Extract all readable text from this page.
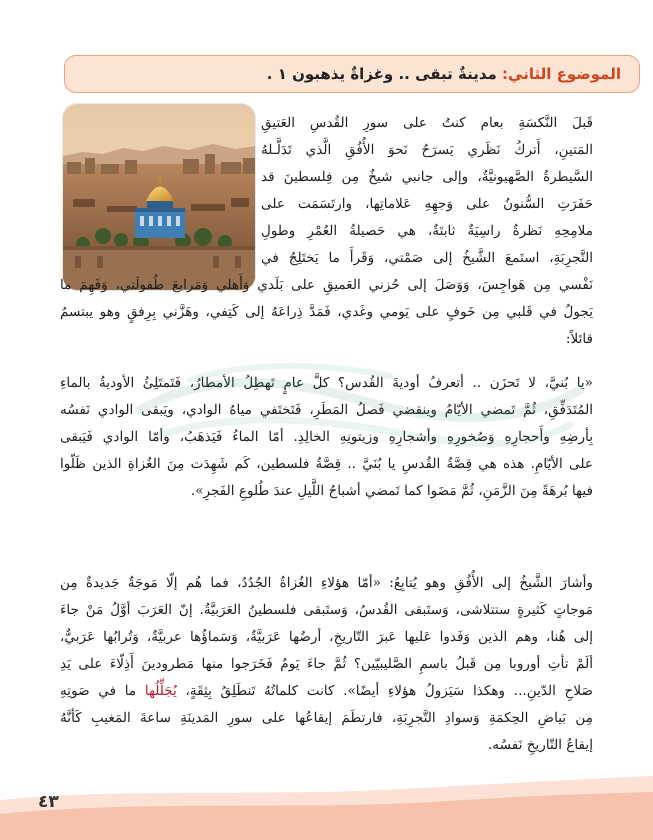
الموضوع الثاني: مدينةٌ تبقى .. وغزاةٌ يذهبون ١ .
قَبلَ النَّكسَةِ بعام كنتُ على سورِ القُدسِ العَتيقِ
المَتينِ، أَتركُ نَظَري يَسرَحُ نَحوَ الأُفُقِ الَّذي تَدَلَّـلهُ
السَّيطرةُ الصَّهيونيَّةُ، وإلى جانبي شيخٌ مِن فِلسطينَ قد
حَفَرَتِ السُّنونُ على وَجهِهِ عَلاماتِها، وارتَسَمَت على
ملامِحِهِ نَظرةٌ راسِيَةٌ ثابتَةٌ، هي حَصيلةُ العُمْرِ وطولِ
التَّجرِبَةِ، استَمعَ الشَّيخُ إلى صَمْتي، وَقَرأَ ما يَختَلِجُ في
نَفْسي مِن هَواجِسَ، وَوَصَلَ إلى حُزني العَميقِ على بَلَدي وَأَهلي وَمَرابعَ طُفولَتي، وَفَهِمَ ما
يَجولُ في قَلبي مِن خَوفٍ على يَومي وغَدي، فَمَدَّ ذِراعَهُ إلى كَتِفي، وهَزَّني بِرِفقٍ وهو يبتسمُ
قائلاً:
«يا بُنيَّ، لا تَحزَن .. أتعرفُ أوديةَ القُدس؟ كلَّ عامٍ تَهطِلُ الأمطارُ، فَتَمتَلِئُ الأوديةُ بالماءِ
المُتَدَفِّقِ، ثُمَّ تَمضي الأيّامُ وينقضي فَصلُ المَطَرِ، فَتَختَفي مياهُ الوادي، ويَبقى الوادي نَفسُه
بِأرضِهِ وأَحجارِهِ وَصُخورِهِ وأشجارِهِ وزيتونِهِ الخالِدِ. أمّا الماءُ فَيَذهَبُ، وأمّا الوادي فَيَبقى
على الأيّامِ. هذه هي قِصَّةُ القُدسِ يا بُنَيَّ .. قِصَّةُ فلسطين، كَم شَهِدَت مِنَ الغُزاةِ الذين ظَلّوا
فيها بُرهَةً مِنَ الزَّمَنِ، ثُمَّ مَضَوا كما تَمضي أشباحُ اللَّيلِ عندَ طُلوعِ الفَجرِ».
وأشارَ الشَّيخُ إلى الأُفُقِ وهو يُتابِعُ: «أمّا هؤلاءِ الغُزاةُ الجُدُدُ، فما هُم إلّا مَوجَةٌ جَديدةٌ مِن
مَوجاتٍ كَثيرةٍ ستتلاشى، وَستَبقى القُدسُ، وَستَبقى فلسطينُ العَرَبيَّةُ. إنّ العَرَبَ أوَّلُ مَنْ جاءَ
إلى هُنا، وهم الذين وَفَدوا عَليها عَبرَ التّاريخِ، أرضُها عَرَبيَّةٌ، وَسَماؤُها عربيَّةٌ، وَتُرابُها عَرَبيٌّ،
ألَمْ تأتِ أوروبا مِن قَبلُ باسمِ الصَّليبيّين؟ ثُمَّ جاءَ يَومٌ فَخَرَجوا منها مَطرودينَ أَذِلّاءَ على يَدِ
صَلاحِ الدّينِ... وهكذا سَيَزولُ هؤلاءِ أيضًا». كانت كلماتُهُ تَنطَلِقُ بِثِقَةٍ، يُجَلِّلُها ما في صَوتِهِ
مِن بَياضِ الحِكمَةِ وَسوادِ التَّجرِبَةِ، فارتطَمَ إيقاعُها على سورِ المَدينَةِ ساعةَ المَغيبِ كَأنَّهُ
إيقاعُ التّاريخِ نَفسُه.
٤٣
